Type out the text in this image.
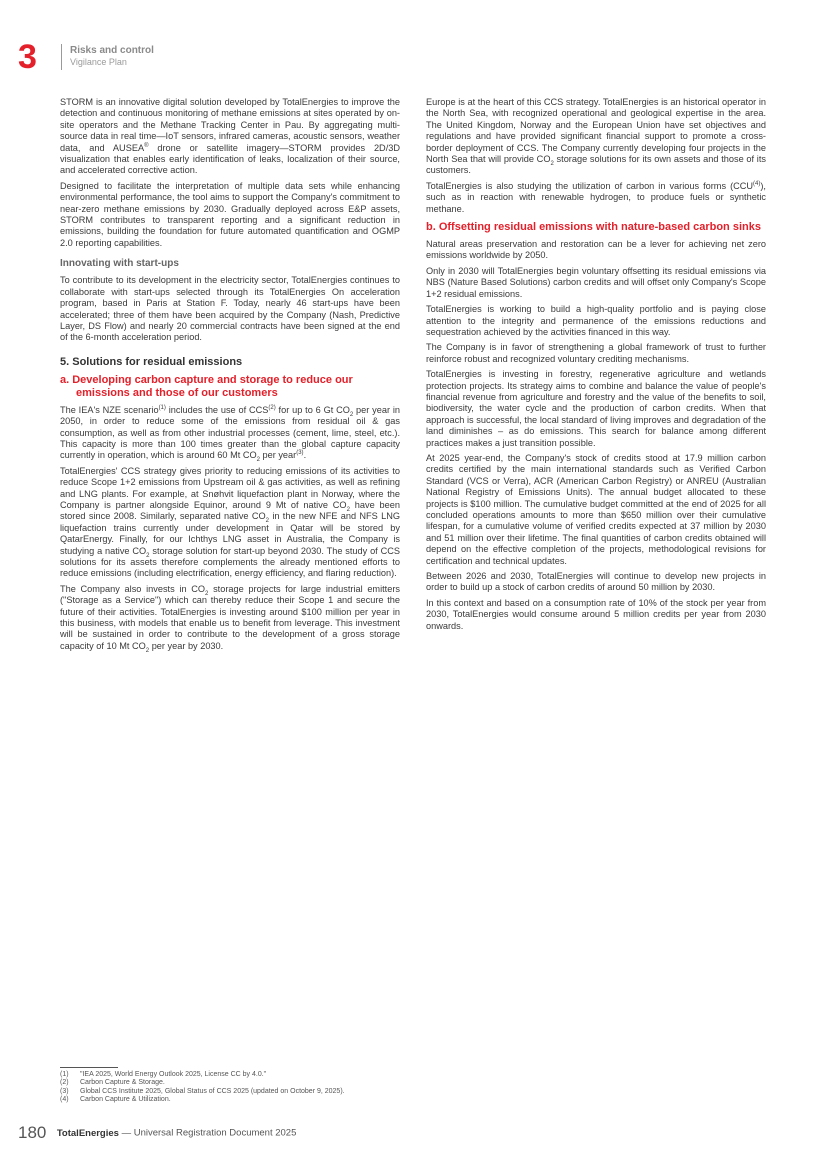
3	Risks and control
Vigilance Plan

STORM is an innovative digital solution developed by TotalEnergies to improve the detection and continuous monitoring of methane emissions at sites operated by on-site operators and the Methane Tracking Center in Pau. By aggregating multi-source data in real time—IoT sensors, infrared cameras, acoustic sensors, weather data, and AUSEA® drone or satellite imagery—STORM provides 2D/3D visualization that enables early identification of leaks, localization of their source, and accelerated corrective action.

Designed to facilitate the interpretation of multiple data sets while enhancing environmental performance, the tool aims to support the Company's commitment to near-zero methane emissions by 2030. Gradually deployed across E&P assets, STORM contributes to transparent reporting and a significant reduction in emissions, building the foundation for future automated quantification and OGMP 2.0 reporting capabilities.

Innovating with start-ups

To contribute to its development in the electricity sector, TotalEnergies continues to collaborate with start-ups selected through its TotalEnergies On acceleration program, based in Paris at Station F. Today, nearly 46 start-ups have been accelerated; three of them have been acquired by the Company (Nash, Predictive Layer, DS Flow) and nearly 20 commercial contracts have been signed at the end of the 6-month acceleration period.

5. Solutions for residual emissions
a. Developing carbon capture and storage to reduce our emissions and those of our customers

The IEA's NZE scenario$^{(1)}$ includes the use of CCS$^{(2)}$ for up to 6 Gt $CO_2$ per year in 2050, in order to reduce some of the emissions from residual oil & gas consumption, as well as from other industrial processes (cement, lime, steel, etc.). This capacity is more than 100 times greater than the global capture capacity currently in operation, which is around 60 Mt $CO_2$ per year$^{(3)}$.

TotalEnergies' CCS strategy gives priority to reducing emissions of its activities to reduce Scope 1+2 emissions from Upstream oil & gas activities, as well as refining and LNG plants. For example, at Snøhvit liquefaction plant in Norway, where the Company is partner alongside Equinor, around 9 Mt of native $CO_2$ have been stored since 2008. Similarly, separated native $CO_2$ in the new NFE and NFS LNG liquefaction trains currently under development in Qatar will be stored by QatarEnergy. Finally, for our Ichthys LNG asset in Australia, the Company is studying a native $CO_2$ storage solution for start-up beyond 2030. The study of CCS solutions for its assets therefore complements the already mentioned efforts to reduce emissions (including electrification, energy efficiency, and flaring reduction).

The Company also invests in $CO_2$ storage projects for large industrial emitters ("Storage as a Service") which can thereby reduce their Scope 1 and secure the future of their activities. TotalEnergies is investing around $100 million per year in this business, with models that enable us to benefit from leverage. This investment will be sustained in order to contribute to the development of a gross storage capacity of 10 Mt $CO_2$ per year by 2030.

Europe is at the heart of this CCS strategy. TotalEnergies is an historical operator in the North Sea, with recognized operational and geological expertise in the area. The United Kingdom, Norway and the European Union have set objectives and regulations and have provided significant financial support to promote a cross-border deployment of CCS. The Company currently developing four projects in the North Sea that will provide $CO_2$ storage solutions for its own assets and those of its customers.

TotalEnergies is also studying the utilization of carbon in various forms (CCU$^{(4)}$), such as in reaction with renewable hydrogen, to produce fuels or synthetic methane.

b. Offsetting residual emissions with nature-based carbon sinks

Natural areas preservation and restoration can be a lever for achieving net zero emissions worldwide by 2050.

Only in 2030 will TotalEnergies begin voluntary offsetting its residual emissions via NBS (Nature Based Solutions) carbon credits and will offset only Company's Scope 1+2 residual emissions.

TotalEnergies is working to build a high-quality portfolio and is paying close attention to the integrity and permanence of the emissions reductions and sequestration achieved by the activities financed in this way.

The Company is in favor of strengthening a global framework of trust to further reinforce robust and recognized voluntary crediting mechanisms.

TotalEnergies is investing in forestry, regenerative agriculture and wetlands protection projects. Its strategy aims to combine and balance the value of people's financial revenue from agriculture and forestry and the value of the benefits to soil, biodiversity, the water cycle and the production of carbon credits. When that approach is successful, the local standard of living improves and degradation of the land diminishes – as do emissions. This search for balance among different practices makes a just transition possible.

At 2025 year-end, the Company's stock of credits stood at 17.9 million carbon credits certified by the main international standards such as Verified Carbon Standard (VCS or Verra), ACR (American Carbon Registry) or ANREU (Australian National Registry of Emissions Units). The annual budget allocated to these projects is $100 million. The cumulative budget committed at the end of 2025 for all concluded operations amounts to more than $650 million over their cumulative lifespan, for a cumulative volume of verified credits expected at 37 million by 2030 and 51 million over their lifetime. The final quantities of carbon credits obtained will depend on the effective completion of the projects, methodological revisions for certification and technical updates.

Between 2026 and 2030, TotalEnergies will continue to develop new projects in order to build up a stock of carbon credits of around 50 million by 2030.

In this context and based on a consumption rate of 10% of the stock per year from 2030, TotalEnergies would consume around 5 million credits per year from 2030 onwards.

(1) "IEA 2025, World Energy Outlook 2025, License CC by 4.0."
(2) Carbon Capture & Storage.
(3) Global CCS Institute 2025, Global Status of CCS 2025 (updated on October 9, 2025).
(4) Carbon Capture & Utilization.
180 TotalEnergies — Universal Registration Document 2025
